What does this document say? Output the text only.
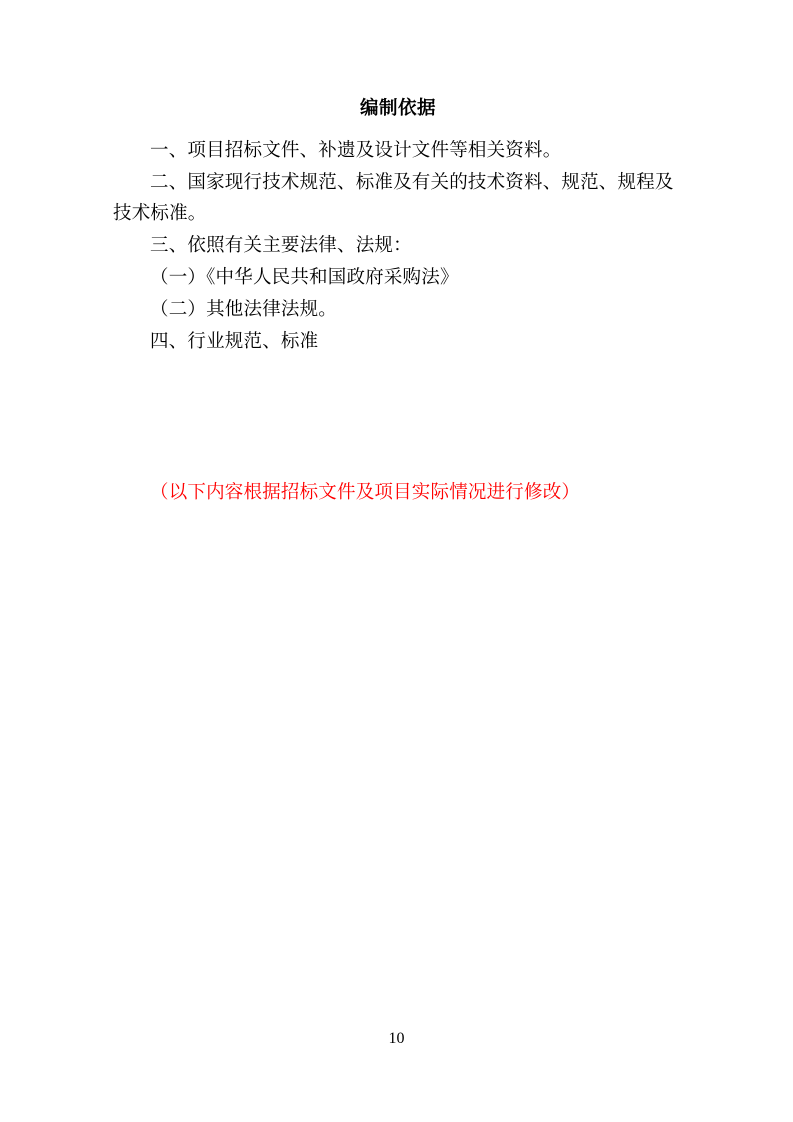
编制依据

一、项目招标文件、补遗及设计文件等相关资料。

二、国家现行技术规范、标准及有关的技术资料、规范、规程及技术标准。

三、依照有关主要法律、法规：

（一）《中华人民共和国政府采购法》

（二）其他法律法规。

四、行业规范、标准

（以下内容根据招标文件及项目实际情况进行修改）

10
